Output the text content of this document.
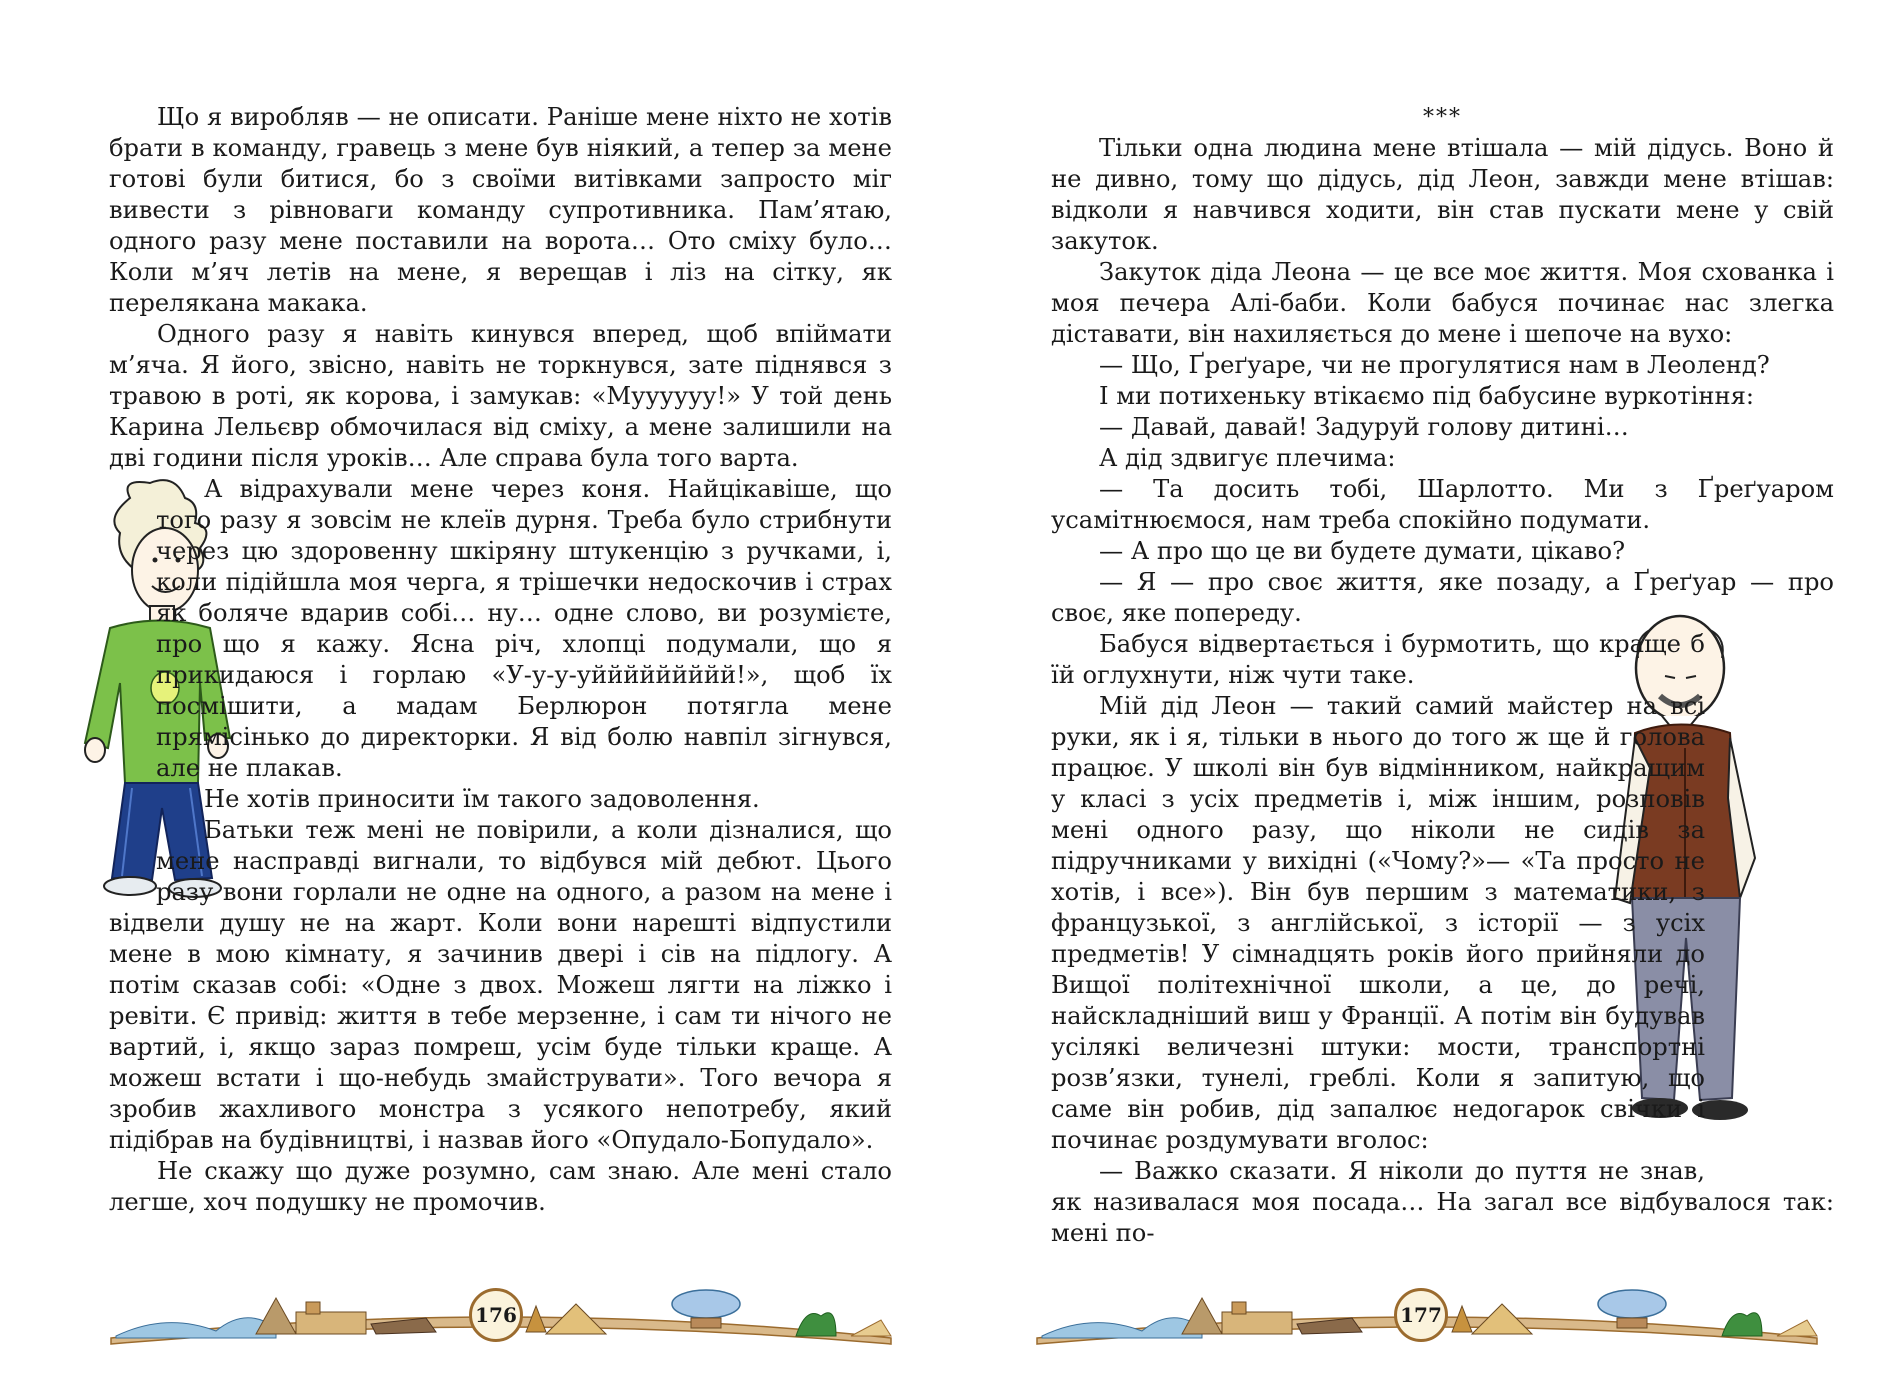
Що я виробляв — не описати. Раніше мене ніхто не хотів брати в команду, гравець з мене був ніякий, а тепер за мене готові були битися, бо з своїми витівками запросто міг вивести з рівноваги команду супротивника. Пам’ятаю, одного разу мене поставили на ворота… Ото сміху було… Коли м’яч летів на мене, я верещав і ліз на сітку, як перелякана макака.

Одного разу я навіть кинувся вперед, щоб впіймати м’яча. Я його, звісно, навіть не торкнувся, зате піднявся з травою в роті, як корова, і замукав: «Муууууу!» У той день Карина Лельєвр обмочилася від сміху, а мене залишили на дві години після уроків… Але справа була того варта.

А відрахували мене через коня. Найцікавіше, що того разу я зовсім не клеїв дурня. Треба було стрибнути через цю здоровенну шкіряну штукенцію з ручками, і, коли підійшла моя черга, я трішечки недоскочив і страх як боляче вдарив собі… ну… одне слово, ви розумієте, про що я кажу. Ясна річ, хлопці подумали, що я прикидаюся і горлаю «У-у-у-уййййййййй!», щоб їх посмішити, а мадам Берлюрон потягла мене прямісінько до директорки. Я від болю навпіл зігнувся, але не плакав.

Не хотів приносити їм такого задоволення.

Батьки теж мені не повірили, а коли дізналися, що мене насправді вигнали, то відбувся мій дебют. Цього разу вони горлали не одне на одного, а разом на мене і відвели душу не на жарт. Коли вони нарешті відпустили мене в мою кімнату, я зачинив двері і сів на підлогу. А потім сказав собі: «Одне з двох. Можеш лягти на ліжко і ревіти. Є привід: життя в тебе мерзенне, і сам ти нічого не вартий, і, якщо зараз помреш, усім буде тільки краще. А можеш встати і що-небудь змайструвати». Того вечора я зробив жахливого монстра з усякого непотребу, який підібрав на будівництві, і назвав його «Опудало-Бопудало».

Не скажу що дуже розумно, сам знаю. Але мені стало легше, хоч подушку не промочив.

176
***

Тільки одна людина мене втішала — мій дідусь. Воно й не дивно, тому що дідусь, дід Леон, завжди мене втішав: відколи я навчився ходити, він став пускати мене у свій закуток.

Закуток діда Леона — це все моє життя. Моя схованка і моя печера Алі-баби. Коли бабуся починає нас злегка діставати, він нахиляється до мене і шепоче на вухо:

— Що, Ґреґуаре, чи не прогулятися нам в Леоленд?

І ми потихеньку втікаємо під бабусине вуркотіння:

— Давай, давай! Задуруй голову дитині…

А дід здвигує плечима:

— Та досить тобі, Шарлотто. Ми з Ґреґуаром усамітнюємося, нам треба спокійно подумати.

— А про що це ви будете думати, цікаво?

— Я — про своє життя, яке позаду, а Ґреґуар — про своє, яке попереду.

Бабуся відвертається і бурмотить, що краще б їй оглухнути, ніж чути таке.

Мій дід Леон — такий самий майстер на всі руки, як і я, тільки в нього до того ж ще й голова працює. У школі він був відмінником, найкращим у класі з усіх предметів і, між іншим, розповів мені одного разу, що ніколи не сидів за підручниками у вихідні («Чому?»— «Та просто не хотів, і все»). Він був першим з математики, з французької, з англійської, з історії — з усіх предметів! У сімнадцять років його прийняли до Вищої політехнічної школи, а це, до речі, найскладніший виш у Франції. А потім він будував усілякі величезні штуки: мости, транспортні розв’язки, тунелі, греблі. Коли я запитую, що саме він робив, дід запалює недогарок свічки і починає роздумувати вголос:

— Важко сказати. Я ніколи до пуття не знав, як називалася моя посада… На загал все відбувалося так: мені по-

177
